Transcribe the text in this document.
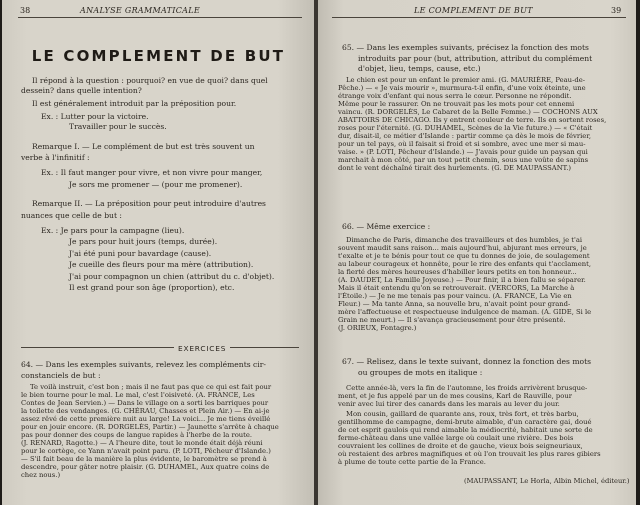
38	ANALYSE GRAMMATICALE
LE COMPLEMENT DE BUT
Il répond à la question : pourquoi? en vue de quoi? dans quel
dessein? dans quelle intention?
Il est généralement introduit par la préposition pour.
Ex. : Lutter pour la victoire.
Travailler pour le succès.
Remarque I. — Le complément de but est très souvent un
verbe à l'infinitif :
Ex. : Il faut manger pour vivre, et non vivre pour manger,
Je sors me promener — (pour me promener).
Remarque II. — La préposition pour peut introduire d'autres
nuances que celle de but :
Ex. : Je pars pour la campagne (lieu).
Je pars pour huit jours (temps, durée).
J'ai été puni pour bavardage (cause).
Je cueille des fleurs pour ma mère (attribution).
J'ai pour compagnon un chien (attribut du c. d'objet).
Il est grand pour son âge (proportion), etc.
EXERCICES
64. — Dans les exemples suivants, relevez les compléments cir-
constanciels de but :
Te voilà instruit, c'est bon ; mais il ne faut pas que ce qui est fait pour
le bien tourne pour le mal. Le mal, c'est l'oisiveté. (A. FRANCE, Les
Contes de Jean Servien.) — Dans le village on a sorti les barriques pour
la toilette des vendanges. (G. CHÉRAU, Chasses et Plein Air.) — En ai-je
assez rêvé de cette première nuit au large! La voici... Je me tiens éveillé
pour en jouir encore. (R. DORGELÈS, Partir.) — Jaunette s'arrête à chaque
pas pour donner des coups de langue rapides à l'herbe de la route.
(J. RENARD, Ragotte.) — A l'heure dite, tout le monde était déjà réuni
pour le cortège, ce Yann n'avait point paru. (P. LOTI, Pêcheur d'Islande.)
— S'il fait beau de la manière la plus évidente, le baromètre se prend à
descendre, pour gâter notre plaisir. (G. DUHAMEL, Aux quatre coins de
chez nous.)
LE COMPLEMENT DE BUT	39
65. — Dans les exemples suivants, précisez la fonction des mots
introduits par pour (but, attribution, attribut du complément
d'objet, lieu, temps, cause, etc.)
Le chien est pour un enfant le premier ami. (G. MAURIÈRE, Peau-de-
Pêche.) — « Je vais mourir », murmura-t-il enfin, d'une voix éteinte, une
étrange voix d'enfant qui nous serra le cœur. Personne ne répondit.
Même pour le rassurer. On ne trouvait pas les mots pour cet ennemi
vaincu. (R. DORGELÈS, Le Cabaret de la Belle Femme.) — COCHONS AUX
ABATTOIRS DE CHICAGO. Ils y entrent couleur de terre. Ils en sortent roses,
roses pour l'éternité. (G. DUHAMEL, Scènes de la Vie future.) — « C'était
dur, disait-il, ce métier d'Islande : partir comme ça dès le mois de février,
pour un tel pays, où il faisait si froid et si sombre, avec une mer si mau-
vaise. » (P. LOTI, Pêcheur d'Islande.) — J'avais pour guide un paysan qui
marchait à mon côté, par un tout petit chemin, sous une voûte de sapins
dont le vent déchaîné tirait des hurlements. (G. DE MAUPASSANT.)
66. — Même exercice :
Dimanche de Paris, dimanche des travailleurs et des humbles, je t'ai
souvent maudit sans raison... mais aujourd'hui, abjurant mes erreurs, je
t'exalte et je te bénis pour tout ce que tu donnes de joie, de soulagement
au labeur courageux et honnête, pour le rire des enfants qui t'acclament,
la fierté des mères heureuses d'habiller leurs petits en ton honneur...
(A. DAUDET, La Famille Joyeuse.) — Pour finir, il a bien fallu se séparer.
Mais il était entendu qu'on se retrouverait. (VERCORS, La Marche à
l'Étoile.) — Je ne me tenais pas pour vaincu. (A. FRANCE, La Vie en
Fleur.) — Ma tante Anna, sa nouvelle bru, n'avait point pour grand-
mère l'affectueuse et respectueuse indulgence de maman. (A. GIDE, Si le
Grain ne meurt.) — Il s'avança gracieusement pour être présenté.
(J. ORIEUX, Fontagre.)
67. — Relisez, dans le texte suivant, donnez la fonction des mots
ou groupes de mots en italique :
Cette année-là, vers la fin de l'automne, les froids arrivèrent brusque-
ment, et je fus appelé par un de mes cousins, Karl de Rauville, pour
venir avec lui tirer des canards dans les marais au lever du jour.
Mon cousin, gaillard de quarante ans, roux, très fort, et très barbu,
gentilhomme de campagne, demi-brute aimable, d'un caractère gai, doué
de cet esprit gaulois qui rend aimable la médiocrité, habitait une sorte de
ferme-château dans une vallée large où coulait une rivière. Des bois
couvraient les collines de droite et de gauche, vieux bois seigneuriaux,
où restaient des arbres magnifiques et où l'on trouvait les plus rares gibiers
à plume de toute cette partie de la France.
(MAUPASSANT, Le Horla, Albin Michel, éditeur.)
